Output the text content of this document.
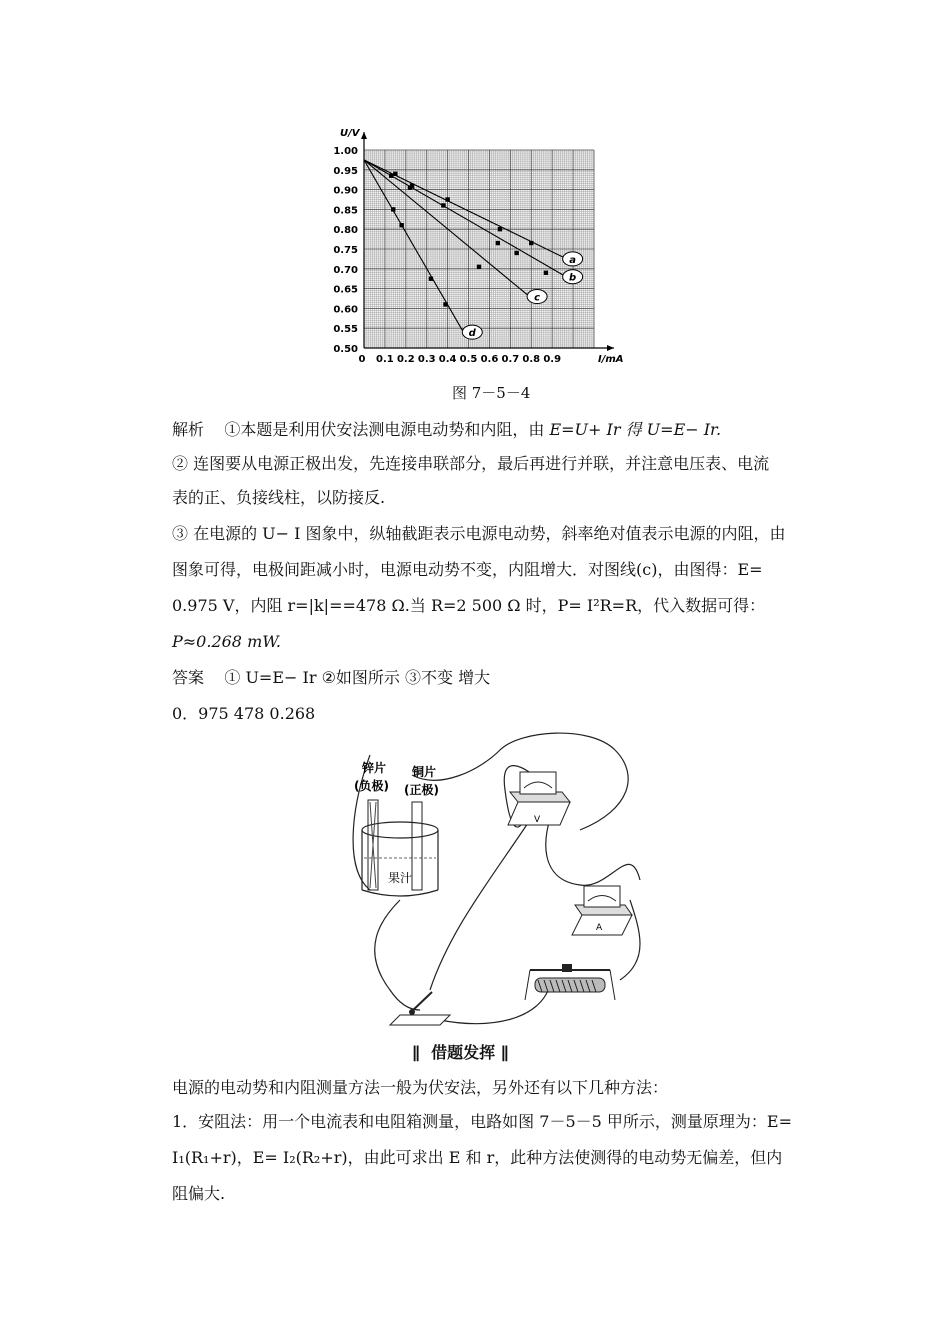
1.00
0.95
0.90
0.85
0.80
0.75
0.70
0.65
0.60
0.55
0.50
0 0.1 0.2 0.3 0.4 0.5 0.6 0.7 0.8 0.9
U/V
I/mA
a
b
c
d
图 7－5－4
解析 ①本题是利用伏安法测电源电动势和内阻，由 E=U+ Ir 得 U=E− Ir.
② 连图要从电源正极出发，先连接串联部分，最后再进行并联，并注意电压表、电流
表的正、负接线柱，以防接反.
③ 在电源的 U− I 图象中，纵轴截距表示电源电动势，斜率绝对值表示电源的内阻，由
图象可得，电极间距减小时，电源电动势不变，内阻增大．对图线(c)，由图得：E=
0.975 V，内阻 r=|k|==478 Ω.当 R=2 500 Ω 时，P= I²R=R，代入数据可得：
P≈0.268 mW.
答案 ① U=E− Ir ②如图所示 ③不变 增大
0．975 478 0.268
锌片
(负极)
铜片
(正极)
果汁
V
A
∥  借题发挥 ∥
电源的电动势和内阻测量方法一般为伏安法，另外还有以下几种方法：
1．安阻法：用一个电流表和电阻箱测量，电路如图 7－5－5 甲所示，测量原理为：E=
I₁(R₁+r)，E= I₂(R₂+r)，由此可求出 E 和 r，此种方法使测得的电动势无偏差，但内
阻偏大.
